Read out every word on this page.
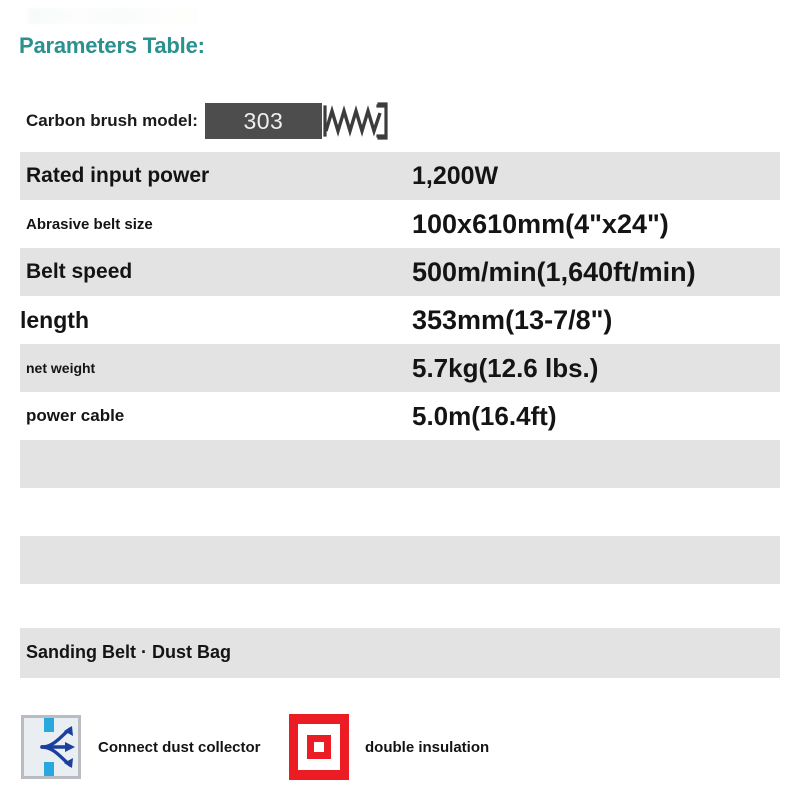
Parameters Table:
Carbon brush model: 303
Rated input power	1,200W
Abrasive belt size	100x610mm(4"x24")
Belt speed	500m/min(1,640ft/min)
length	353mm(13-7/8")
net weight	5.7kg(12.6 lbs.)
power cable	5.0m(16.4ft)
Sanding Belt · Dust Bag
Connect dust collector	double insulation
